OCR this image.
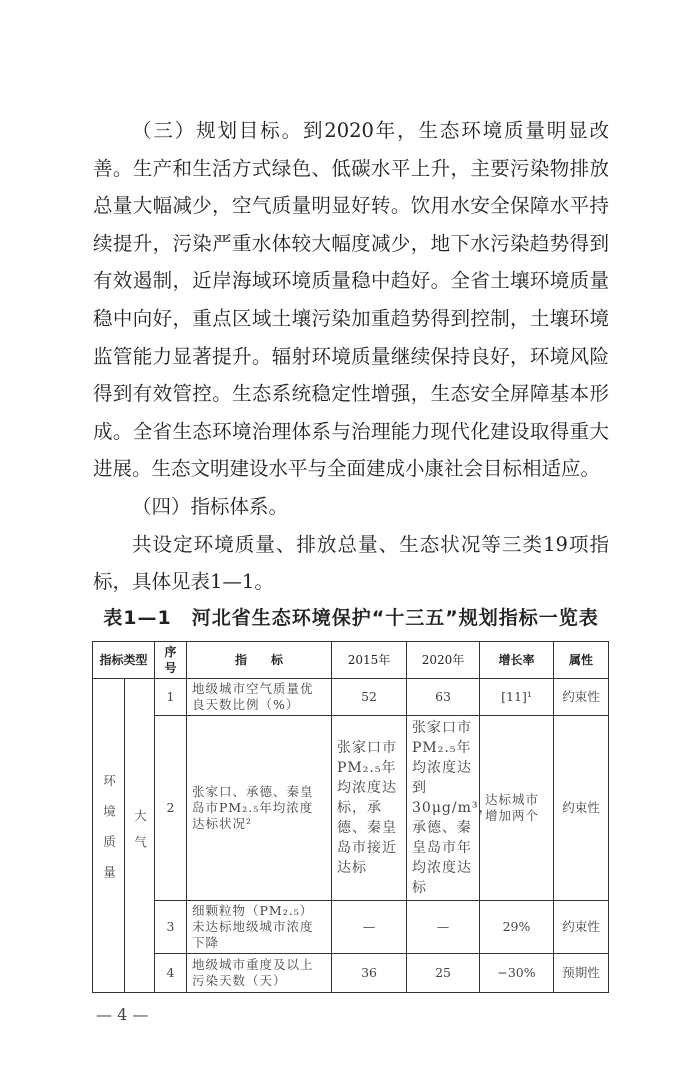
（三）规划目标。到2020年，生态环境质量明显改善。生产和生活方式绿色、低碳水平上升，主要污染物排放总量大幅减少，空气质量明显好转。饮用水安全保障水平持续提升，污染严重水体较大幅度减少，地下水污染趋势得到有效遏制，近岸海域环境质量稳中趋好。全省土壤环境质量稳中向好，重点区域土壤污染加重趋势得到控制，土壤环境监管能力显著提升。辐射环境质量继续保持良好，环境风险得到有效管控。生态系统稳定性增强，生态安全屏障基本形成。全省生态环境治理体系与治理能力现代化建设取得重大进展。生态文明建设水平与全面建成小康社会目标相适应。

（四）指标体系。

共设定环境质量、排放总量、生态状况等三类19项指标，具体见表1—1。

表1—1　河北省生态环境保护“十三五”规划指标一览表
指标类型		序号	指　　标	2015年	2020年	增长率	属性
环境质量	大气	1	地级城市空气质量优良天数比例（%）	52	63	[11]¹	约束性
		2	张家口、承德、秦皇岛市PM₂.₅年均浓度达标状况²	张家口市PM₂.₅年均浓度达标，承德、秦皇岛市接近达标	张家口市PM₂.₅年均浓度达到30μg/m³，承德、秦皇岛市年均浓度达标	达标城市增加两个	约束性
		3	细颗粒物（PM₂.₅）未达标地级城市浓度下降	—	—	29%	约束性
		4	地级城市重度及以上污染天数（天）	36	25	−30%	预期性
— 4 —
